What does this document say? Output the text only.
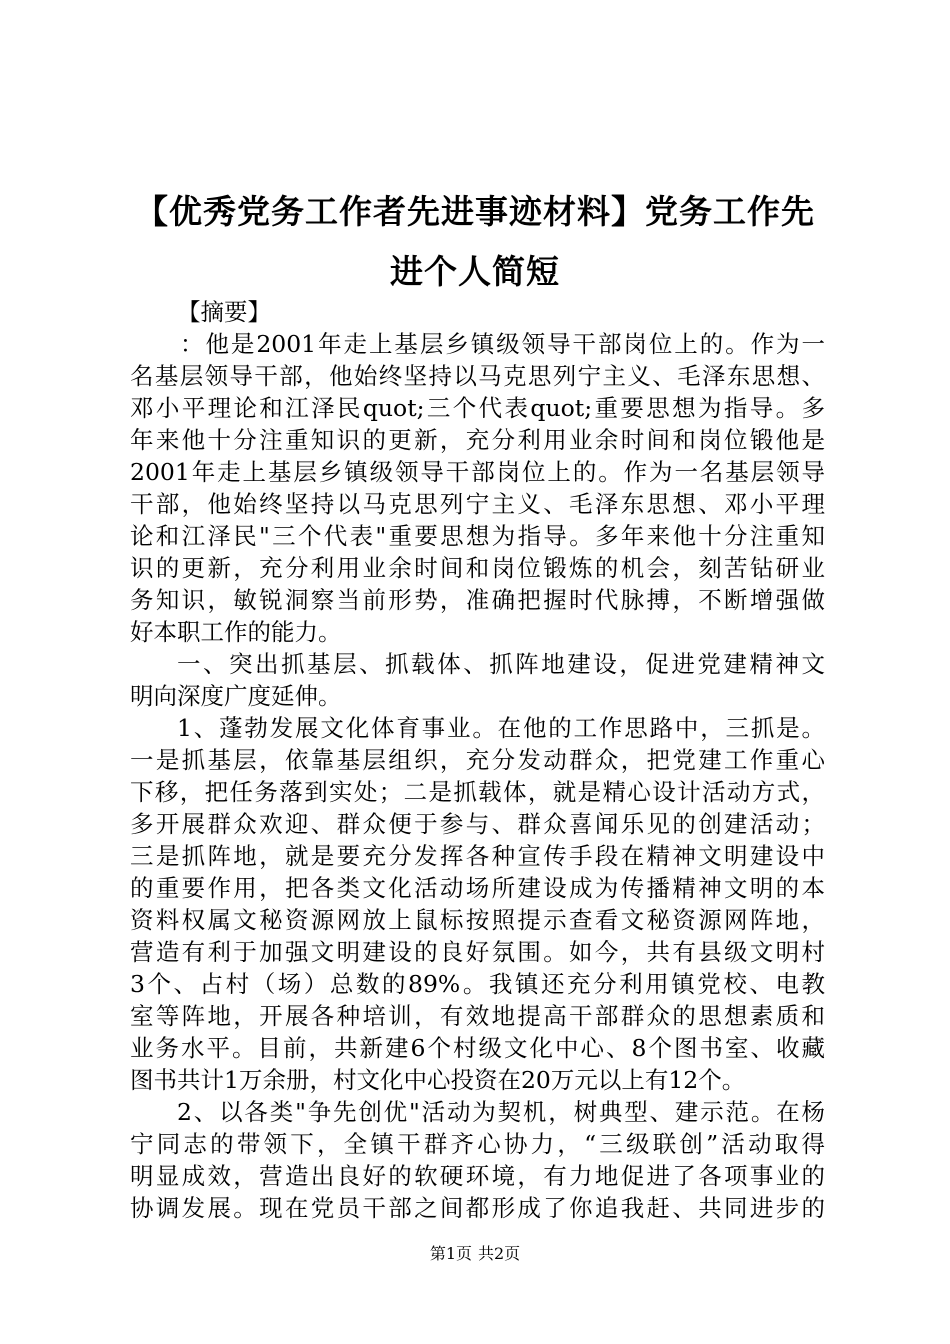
【优秀党务工作者先进事迹材料】党务工作先
进个人简短
【摘要】
：他是2001年走上基层乡镇级领导干部岗位上的。作为一
名基层领导干部，他始终坚持以马克思列宁主义、毛泽东思想、
邓小平理论和江泽民quot;三个代表quot;重要思想为指导。多
年来他十分注重知识的更新，充分利用业余时间和岗位锻他是
2001年走上基层乡镇级领导干部岗位上的。作为一名基层领导
干部，他始终坚持以马克思列宁主义、毛泽东思想、邓小平理
论和江泽民"三个代表"重要思想为指导。多年来他十分注重知
识的更新，充分利用业余时间和岗位锻炼的机会，刻苦钻研业
务知识，敏锐洞察当前形势，准确把握时代脉搏，不断增强做
好本职工作的能力。
一、突出抓基层、抓载体、抓阵地建设，促进党建精神文
明向深度广度延伸。
1、蓬勃发展文化体育事业。在他的工作思路中，三抓是。
一是抓基层，依靠基层组织，充分发动群众，把党建工作重心
下移，把任务落到实处；二是抓载体，就是精心设计活动方式，
多开展群众欢迎、群众便于参与、群众喜闻乐见的创建活动；
三是抓阵地，就是要充分发挥各种宣传手段在精神文明建设中
的重要作用，把各类文化活动场所建设成为传播精神文明的本
资料权属文秘资源网放上鼠标按照提示查看文秘资源网阵地，
营造有利于加强文明建设的良好氛围。如今，共有县级文明村
3个、占村（场）总数的89%。我镇还充分利用镇党校、电教
室等阵地，开展各种培训，有效地提高干部群众的思想素质和
业务水平。目前，共新建6个村级文化中心、8个图书室、收藏
图书共计1万余册，村文化中心投资在20万元以上有12个。
2、以各类"争先创优"活动为契机，树典型、建示范。在杨
宁同志的带领下，全镇干群齐心协力，“三级联创”活动取得
明显成效，营造出良好的软硬环境，有力地促进了各项事业的
协调发展。现在党员干部之间都形成了你追我赶、共同进步的
第1页 共2页
